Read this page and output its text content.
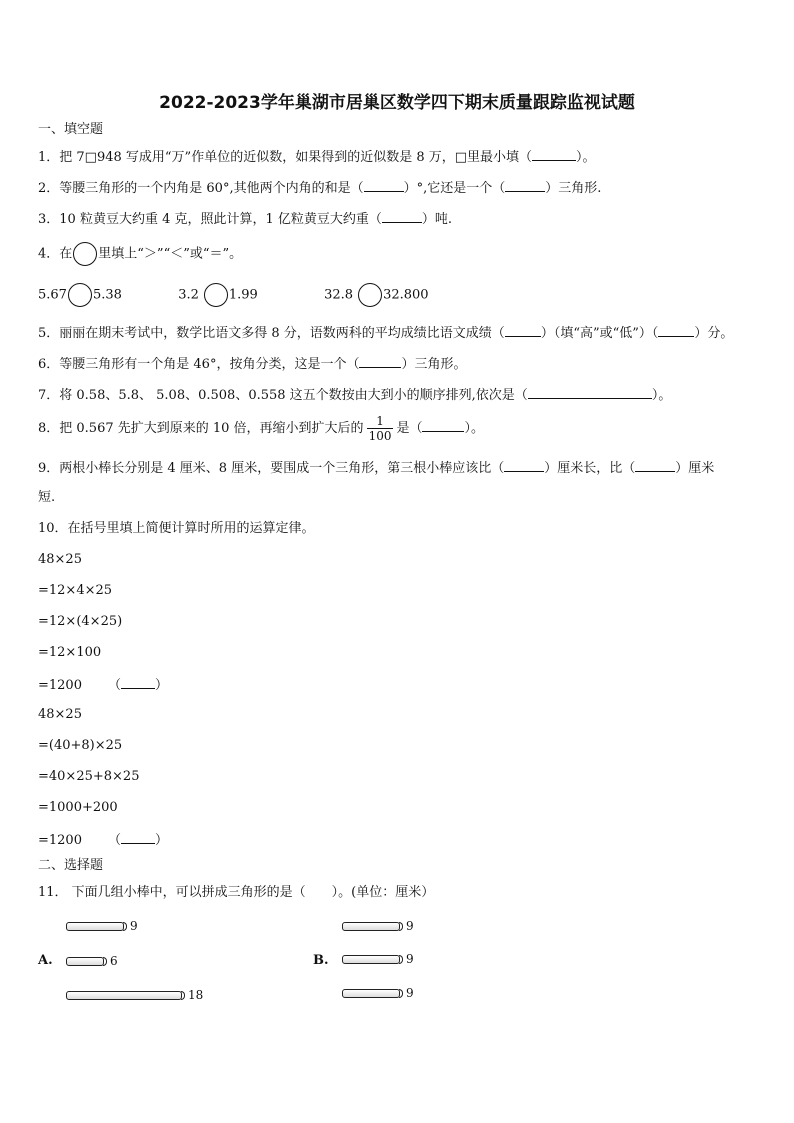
2022-2023学年巢湖市居巢区数学四下期末质量跟踪监视试题
一、填空题
1．把 7□948 写成用“万”作单位的近似数，如果得到的近似数是 8 万，□里最小填（	）。
2．等腰三角形的一个内角是 60°,其他两个内角的和是（	）°,它还是一个（	）三角形.
3．10 粒黄豆大约重 4 克，照此计算，1 亿粒黄豆大约重（	）吨.
4．在 里填上“＞”“＜”或“＝”。
5.67 5.38	3.2 1.99	32.8 32.800
5．丽丽在期末考试中，数学比语文多得 8 分，语数两科的平均成绩比语文成绩（	）（填“高”或“低”）（	）分。
6．等腰三角形有一个角是 46°，按角分类，这是一个（	）三角形。
7．将 0.58、5.8、 5.08、0.508、0.558 这五个数按由大到小的顺序排列,依次是（	）。
8．把 0.567 先扩大到原来的 10 倍，再缩小到扩大后的 $\frac{1}{100}$ 是（	）。
9．两根小棒长分别是 4 厘米、8 厘米，要围成一个三角形，第三根小棒应该比（	）厘米长，比（	）厘米
短.
10．在括号里填上简便计算时所用的运算定律。
48×25
=12×4×25
=12×(4×25)
=12×100
=1200 （	）
48×25
=(40+8)×25
=40×25+8×25
=1000+200
=1200 （	）
二、选择题
11． 下面几组小棒中，可以拼成三角形的是（　　）。(单位：厘米）
9
A.	6
18
9
B.	9
9
